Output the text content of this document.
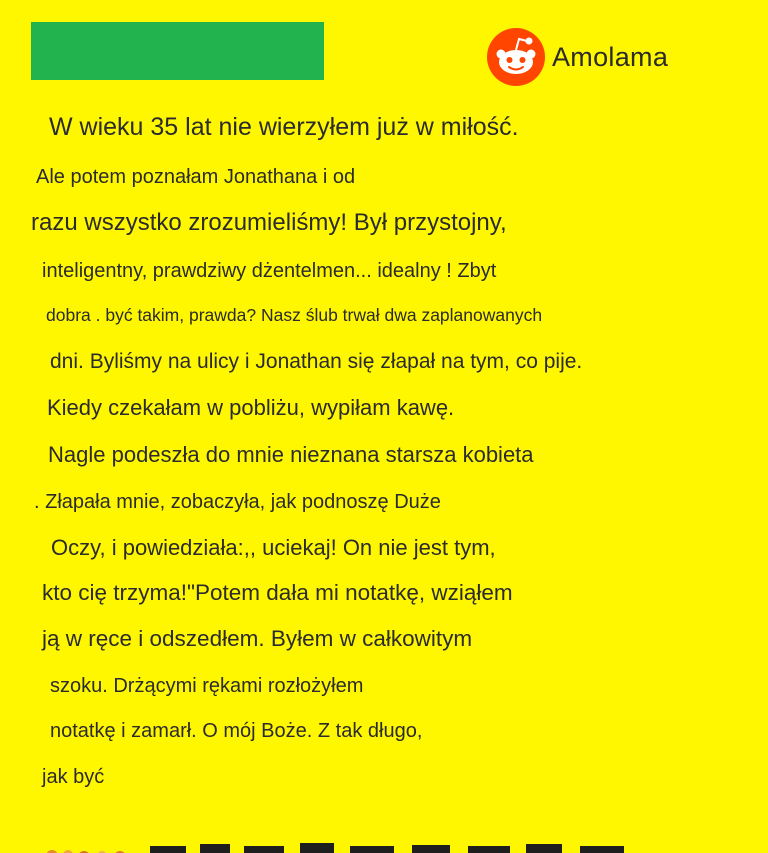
Amolama
W wieku 35 lat nie wierzyłem już w miłość.
Ale potem poznałam Jonathana i od
razu wszystko zrozumieliśmy! Był przystojny,
inteligentny, prawdziwy dżentelmen... idealny ! Zbyt
dobra . być takim, prawda? Nasz ślub trwał dwa zaplanowanych
dni. Byliśmy na ulicy i Jonathan się złapał na tym, co pije.
Kiedy czekałam w pobliżu, wypiłam kawę.
Nagle podeszła do mnie nieznana starsza kobieta
. Złapała mnie, zobaczyła, jak podnoszę Duże
Oczy, i powiedziała:,, uciekaj! On nie jest tym,
kto cię trzyma!"Potem dała mi notatkę, wziąłem
ją w ręce i odszedłem. Byłem w całkowitym
szoku. Drżącymi rękami rozłożyłem
notatkę i zamarł. O mój Boże. Z tak długo,
jak być
